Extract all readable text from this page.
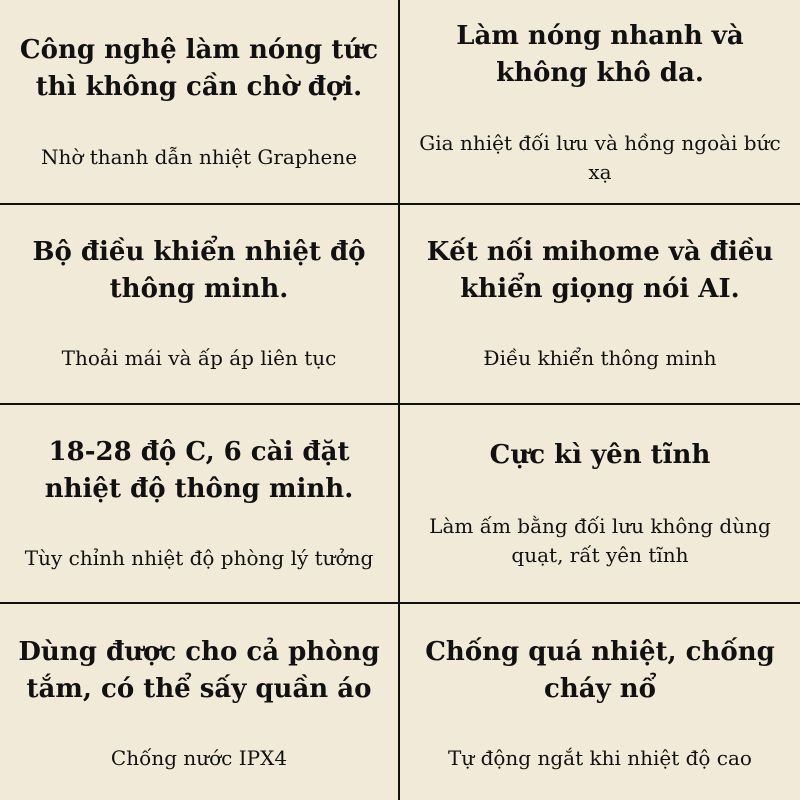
Công nghệ làm nóng tức thì không cần chờ đợi.

Nhờ thanh dẫn nhiệt Graphene

Làm nóng nhanh và không khô da.

Gia nhiệt đối lưu và hồng ngoài bức xạ

Bộ điều khiển nhiệt độ thông minh.

Thoải mái và ấp áp liên tục

Kết nối mihome và điều khiển giọng nói AI.

Điều khiển thông minh

18-28 độ C, 6 cài đặt nhiệt độ thông minh.

Tùy chỉnh nhiệt độ phòng lý tưởng

Cực kì yên tĩnh

Làm ấm bằng đối lưu không dùng quạt, rất yên tĩnh

Dùng được cho cả phòng tắm, có thể sấy quần áo

Chống nước IPX4

Chống quá nhiệt, chống cháy nổ

Tự động ngắt khi nhiệt độ cao
